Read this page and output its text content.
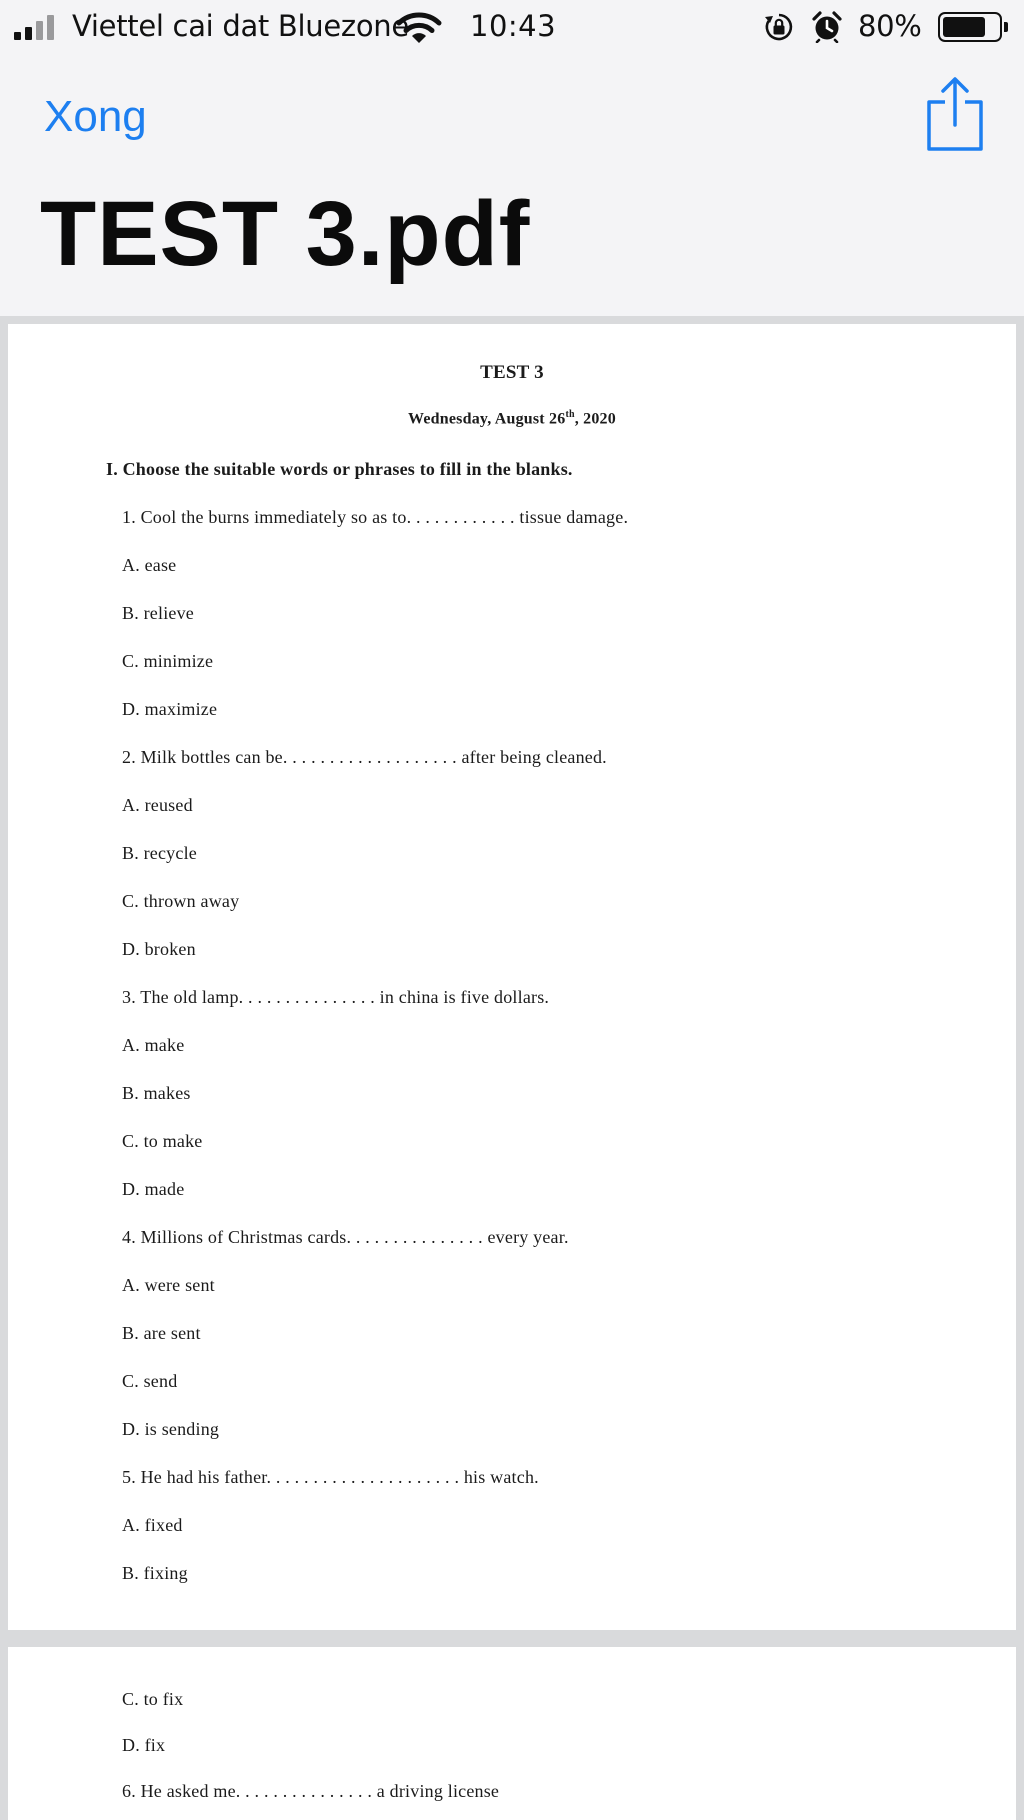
Viettel cai dat Bluezone 10:43	80%
Xong
TEST 3.pdf
TEST 3
Wednesday, August 26th, 2020
I. Choose the suitable words or phrases to fill in the blanks.
1. Cool the burns immediately so as to. . . . . . . . . . . . tissue damage.
A. ease
B. relieve
C. minimize
D. maximize
2. Milk bottles can be. . . . . . . . . . . . . . . . . . . after being cleaned.
A. reused
B. recycle
C. thrown away
D. broken
3. The old lamp. . . . . . . . . . . . . . . in china is five dollars.
A. make
B. makes
C. to make
D. made
4. Millions of Christmas cards. . . . . . . . . . . . . . . every year.
A. were sent
B. are sent
C. send
D. is sending
5. He had his father. . . . . . . . . . . . . . . . . . . . . his watch.
A. fixed
B. fixing
C. to fix
D. fix
6. He asked me. . . . . . . . . . . . . . . a driving license
